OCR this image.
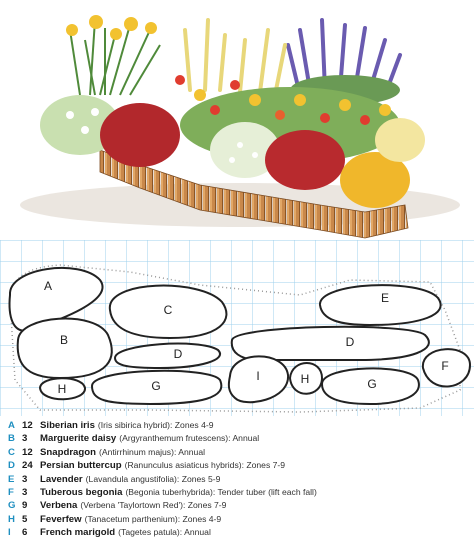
A
B
C
D
E
D
G
H
I	H	G
F
A 12 Siberian iris (Iris sibirica hybrid): Zones 4-9
B 3	Marguerite daisy (Argyranthemum frutescens): Annual
C 12 Snapdragon (Antirrhinum majus): Annual
D 24 Persian buttercup (Ranunculus asiaticus hybrids): Zones 7-9
E 3	Lavender (Lavandula angustifolia): Zones 5-9
F 3	Tuberous begonia (Begonia tuberhybrida): Tender tuber (lift each fall)
G 9	Verbena (Verbena 'Taylortown Red'): Zones 7-9
H 5	Feverfew (Tanacetum parthenium): Zones 4-9
I	6	French marigold (Tagetes patula): Annual
